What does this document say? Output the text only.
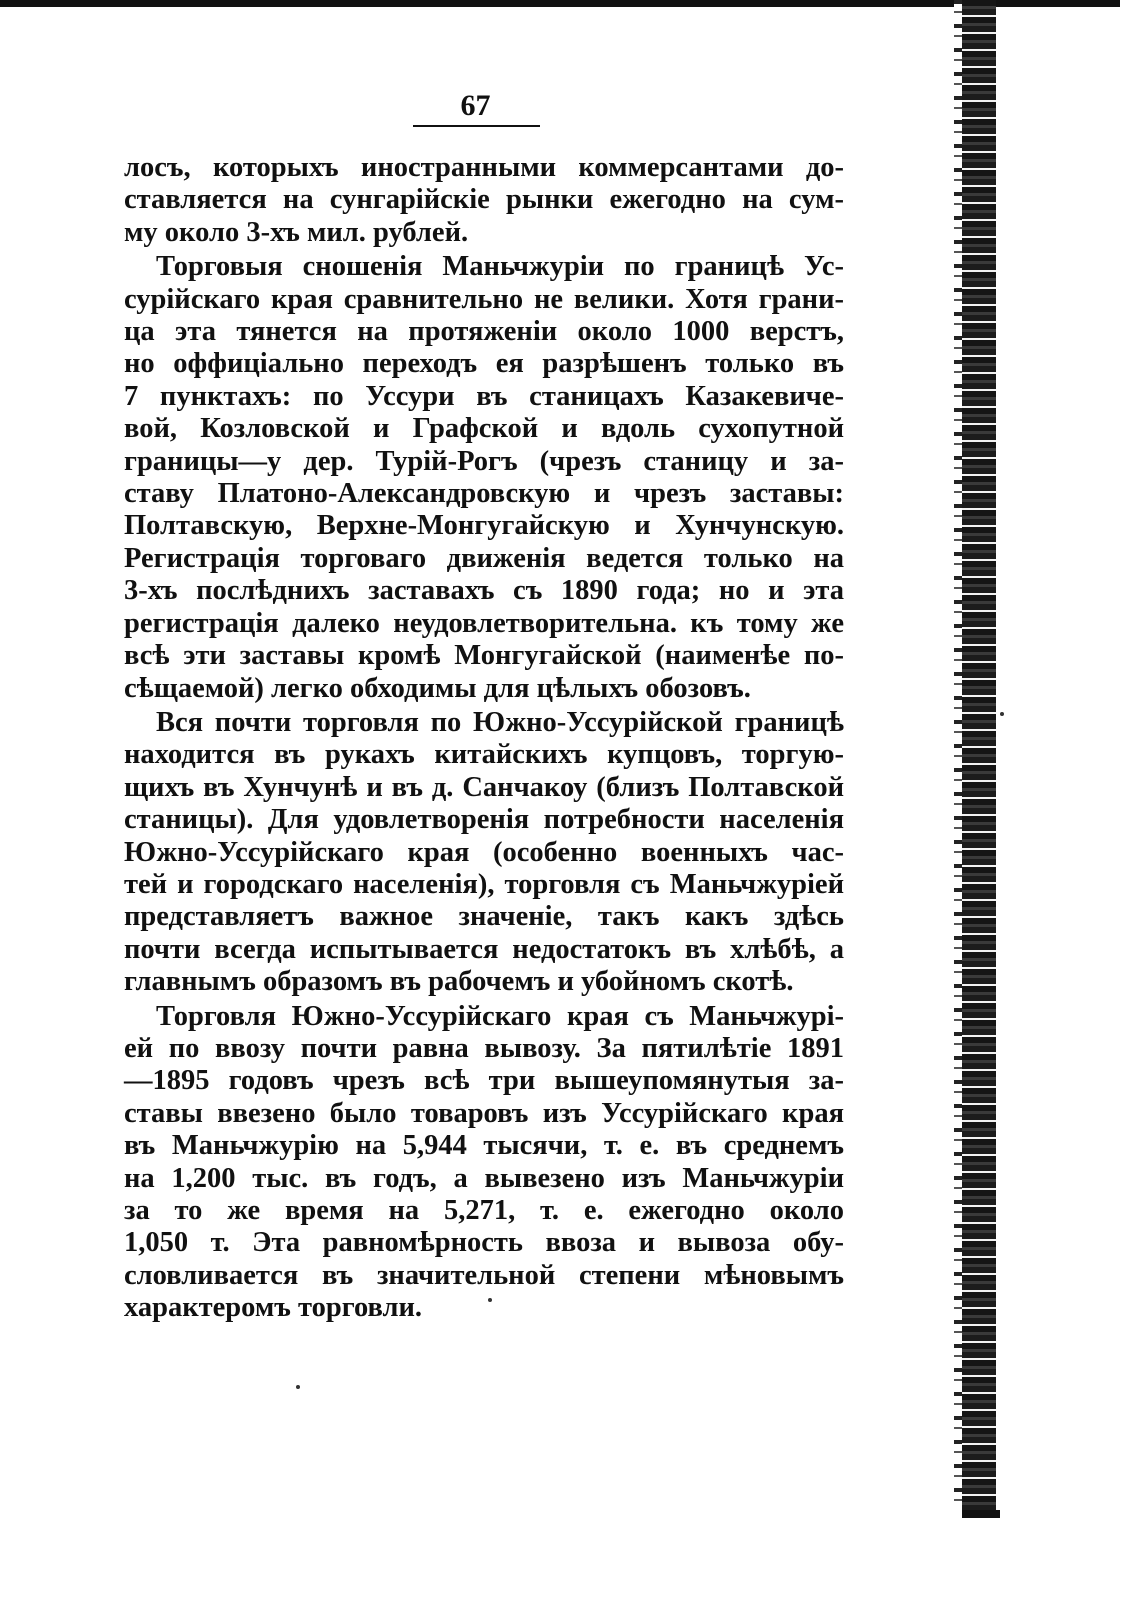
67
лосъ, которыхъ иностранными коммерсантами до-
ставляется на сунгарiйскiе рынки ежегодно на сум-
му около 3-хъ мил. рублей.
Торговыя сношенiя Маньчжурiи по границѣ Ус-
сурiйскаго края сравнительно не велики. Хотя грани-
ца эта тянется на протяженiи около 1000 верстъ,
но оффицiально переходъ ея разрѣшенъ только въ
7 пунктахъ: по Уссури въ станицахъ Казакевиче-
вой, Козловской и Графской и вдоль сухопутной
границы—у дер. Турiй-Рогъ (чрезъ станицу и за-
ставу Платоно-Александровскую и чрезъ заставы:
Полтавскую, Верхне-Монгугайскую и Хунчунскую.
Регистрацiя торговаго движенiя ведется только на
3-хъ послѣднихъ заставахъ съ 1890 года; но и эта
регистрацiя далеко неудовлетворительна. къ тому же
всѣ эти заставы кромѣ Монгугайской (наименѣе по-
сѣщаемой) легко обходимы для цѣлыхъ обозовъ.
Вся почти торговля по Южно-Уссурiйской границѣ
находится въ рукахъ китайскихъ купцовъ, торгую-
щихъ въ Хунчунѣ и въ д. Санчакоу (близъ Полтавской
станицы). Для удовлетворенiя потребности населенiя
Южно-Уссурiйскаго края (особенно военныхъ час-
тей и городскаго населенiя), торговля съ Маньчжурiей
представляетъ важное значенiе, такъ какъ здѣсь
почти всегда испытывается недостатокъ въ хлѣбѣ, а
главнымъ образомъ въ рабочемъ и убойномъ скотѣ.
Торговля Южно-Уссурiйскаго края съ Маньчжурi-
ей по ввозу почти равна вывозу. За пятилѣтiе 1891
—1895 годовъ чрезъ всѣ три вышеупомянутыя за-
ставы ввезено было товаровъ изъ Уссурiйскаго края
въ Маньчжурiю на 5,944 тысячи, т. е. въ среднемъ
на 1,200 тыс. въ годъ, а вывезено изъ Маньчжурiи
за то же время на 5,271, т. е. ежегодно около
1,050 т. Эта равномѣрность ввоза и вывоза обу-
словливается въ значительной степени мѣновымъ
характеромъ торговли.
